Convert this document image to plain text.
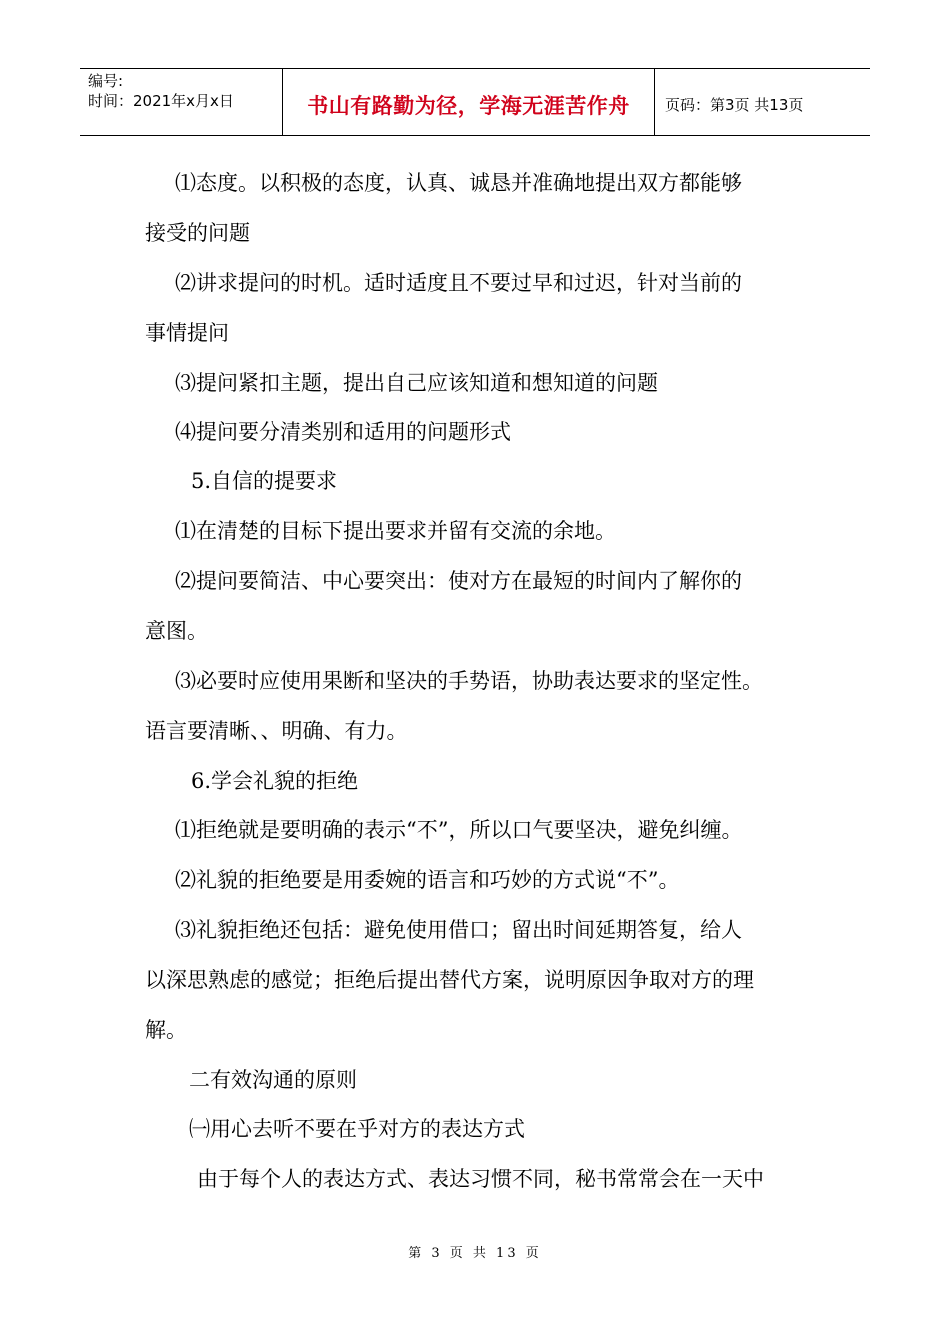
编号:
时间：2021年x月x日	书山有路勤为径，学海无涯苦作舟 页码：第3页 共13页
⑴态度。以积极的态度，认真、诚恳并准确地提出双方都能够
接受的问题
⑵讲求提问的时机。适时适度且不要过早和过迟，针对当前的
事情提问
⑶提问紧扣主题，提出自己应该知道和想知道的问题
⑷提问要分清类别和适用的问题形式
5.自信的提要求
⑴在清楚的目标下提出要求并留有交流的余地。
⑵提问要简洁、中心要突出：使对方在最短的时间内了解你的
意图。
⑶必要时应使用果断和坚决的手势语，协助表达要求的坚定性。
语言要清晰、、明确、有力。
6.学会礼貌的拒绝
⑴拒绝就是要明确的表示“不”，所以口气要坚决，避免纠缠。
⑵礼貌的拒绝要是用委婉的语言和巧妙的方式说“不”。
⑶礼貌拒绝还包括：避免使用借口；留出时间延期答复，给人
以深思熟虑的感觉；拒绝后提出替代方案，说明原因争取对方的理
解。
二有效沟通的原则
㈠用心去听不要在乎对方的表达方式
由于每个人的表达方式、表达习惯不同，秘书常常会在一天中
第 3 页 共 13 页
